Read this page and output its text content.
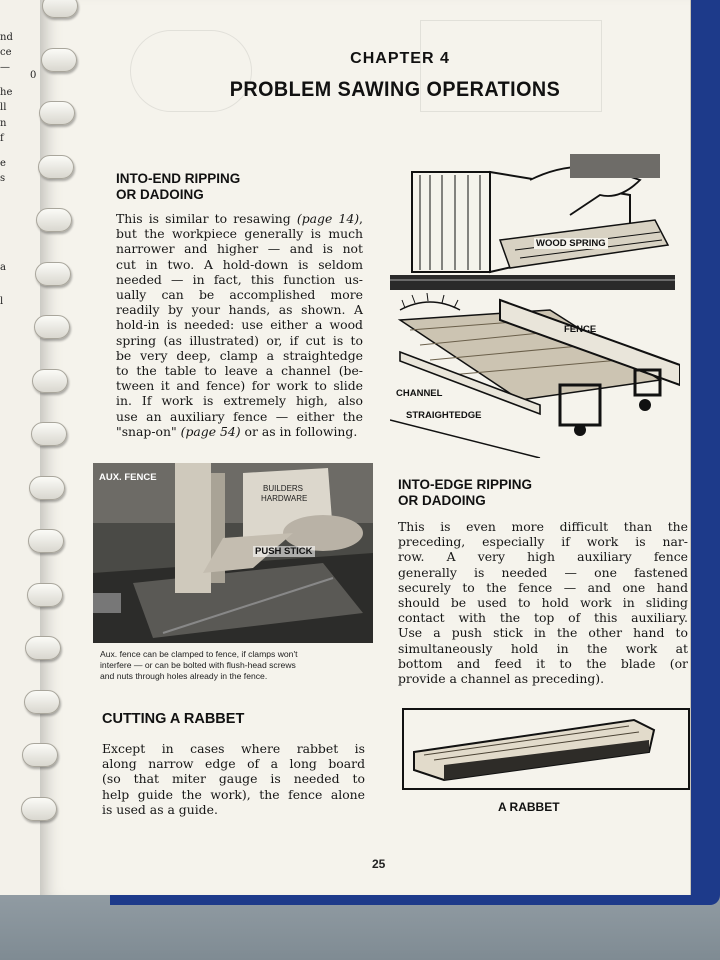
nd
ce
—
0
he
ll
n
f
e
s
a
l
CHAPTER 4
PROBLEM SAWING OPERATIONS
INTO-END RIPPING
OR DADOING
This is similar to resawing (page 14),
but the workpiece generally is much
narrower and higher — and is not
cut in two. A hold-down is seldom
needed — in fact, this function us-
ually can be accomplished more
readily by your hands, as shown. A
hold-in is needed: use either a wood
spring (as illustrated) or, if cut is to
be very deep, clamp a straightedge
to the table to leave a channel (be-
tween it and fence) for work to slide
in. If work is extremely high, also
use an auxiliary fence — either the
"snap-on" (page 54) or as in following.
AUX. FENCE
PUSH STICK
BUILDERS
HARDWARE
Aux. fence can be clamped to fence, if clamps won't
interfere — or can be bolted with flush-head screws
and nuts through holes already in the fence.
CUTTING A RABBET
Except in cases where rabbet is
along narrow edge of a long board
(so that miter gauge is needed to
help guide the work), the fence alone
is used as a guide.
WOOD SPRING
FENCE
CHANNEL
STRAIGHTEDGE
INTO-EDGE RIPPING
OR DADOING
This is even more difficult than the
preceding, especially if work is nar-
row. A very high auxiliary fence
generally is needed — one fastened
securely to the fence — and one hand
should be used to hold work in sliding
contact with the top of this auxiliary.
Use a push stick in the other hand to
simultaneously hold in the work at
bottom and feed it to the blade (or
provide a channel as preceding).
A RABBET
25
